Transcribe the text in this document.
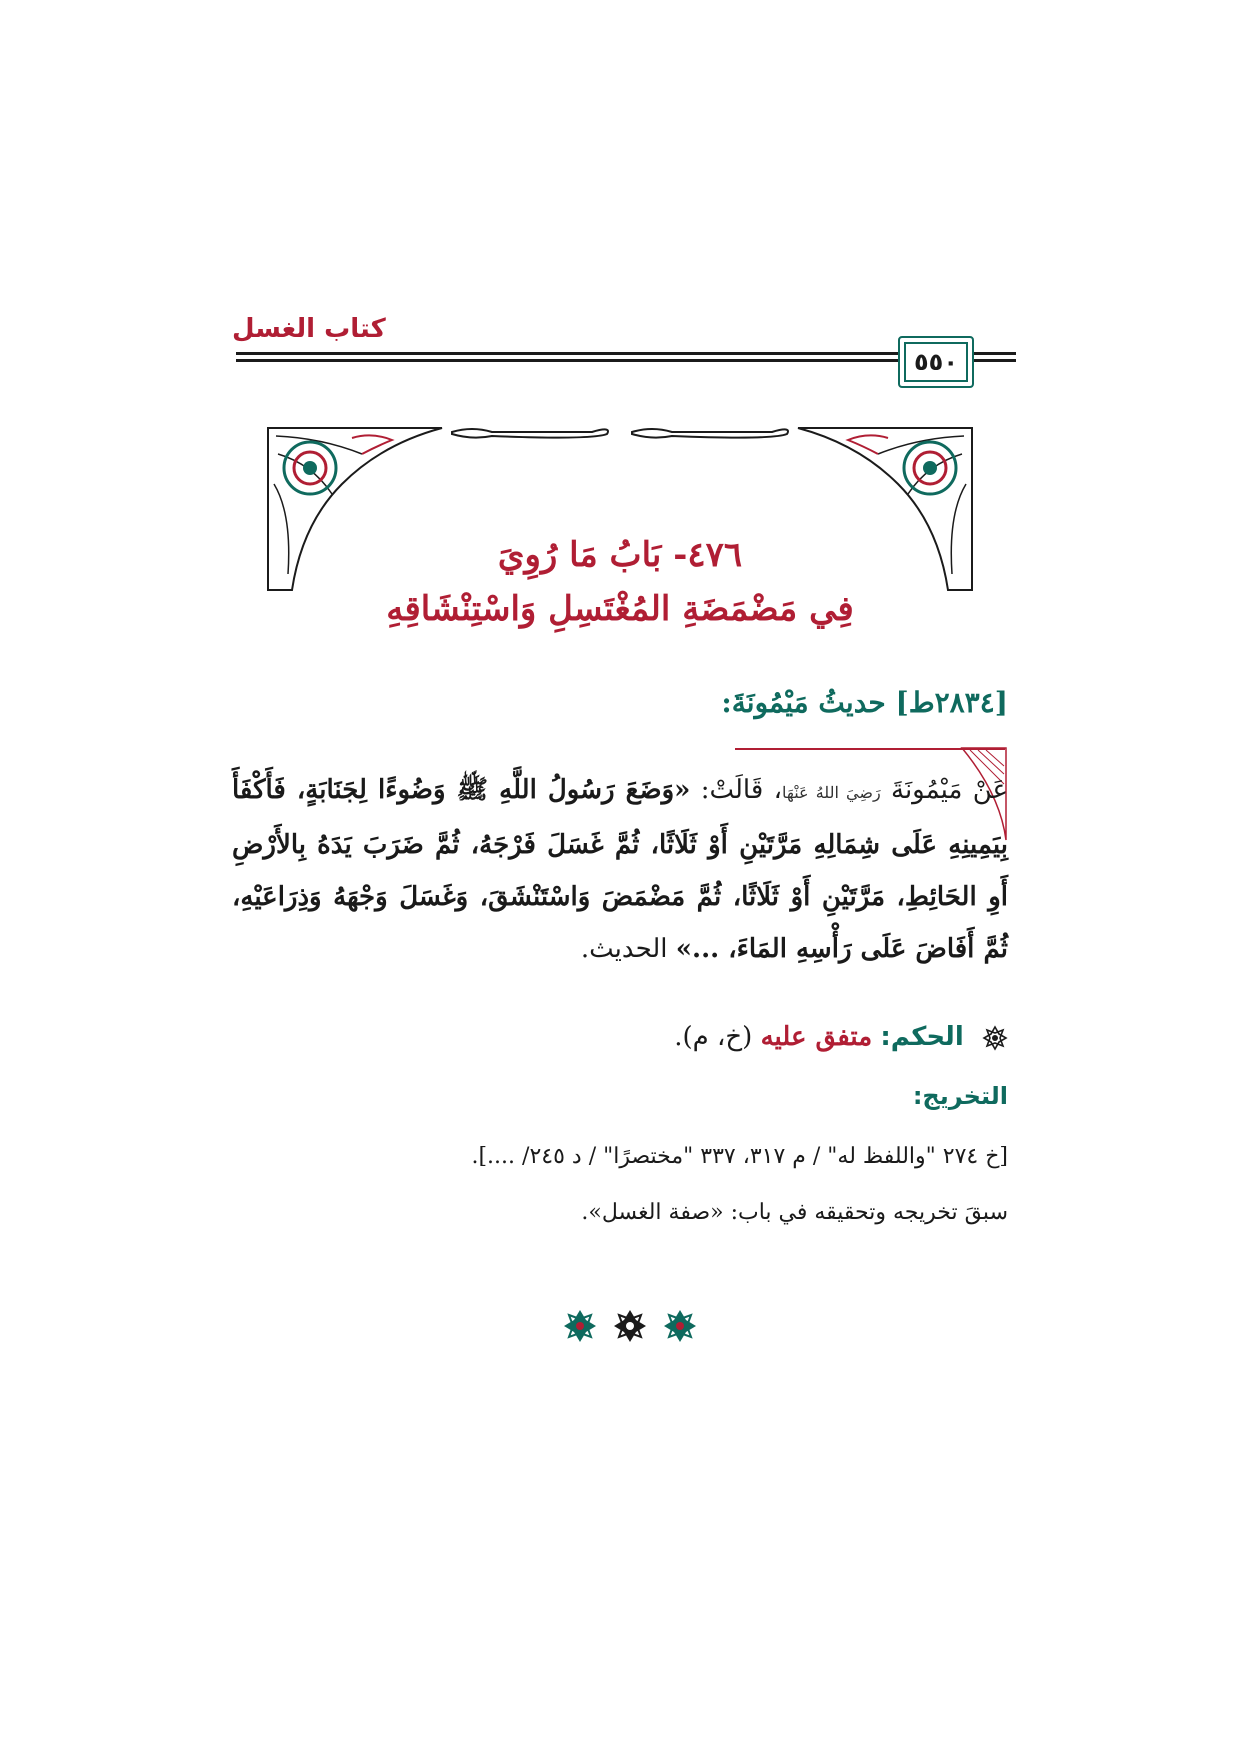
كتاب الغسل
٥٥٠
٤٧٦- بَابُ مَا رُوِيَ
فِي مَضْمَضَةِ المُغْتَسِلِ وَاسْتِنْشَاقِهِ
[٢٨٣٤ط] حديثُ مَيْمُونَةَ:
عَنْ مَيْمُونَةَ رَضِيَ اللهُ عَنْهَا، قَالَتْ: «وَضَعَ رَسُولُ اللَّهِ ﷺ وَضُوءًا لِجَنَابَةٍ، فَأَكْفَأَ بِيَمِينِهِ عَلَى شِمَالِهِ مَرَّتَيْنِ أَوْ ثَلَاثًا، ثُمَّ غَسَلَ فَرْجَهُ، ثُمَّ ضَرَبَ يَدَهُ بِالأَرْضِ أَوِ الحَائِطِ، مَرَّتَيْنِ أَوْ ثَلَاثًا، ثُمَّ مَضْمَضَ وَاسْتَنْشَقَ، وَغَسَلَ وَجْهَهُ وَذِرَاعَيْهِ، ثُمَّ أَفَاضَ عَلَى رَأْسِهِ المَاءَ، ...» الحديث.
الحكم: متفق عليه (خ، م).
التخريج:
[خ ٢٧٤ "واللفظ له" / م ٣١٧، ٣٣٧ "مختصرًا" / د ٢٤٥/ ....].
سبقَ تخريجه وتحقيقه في باب: «صفة الغسل».
